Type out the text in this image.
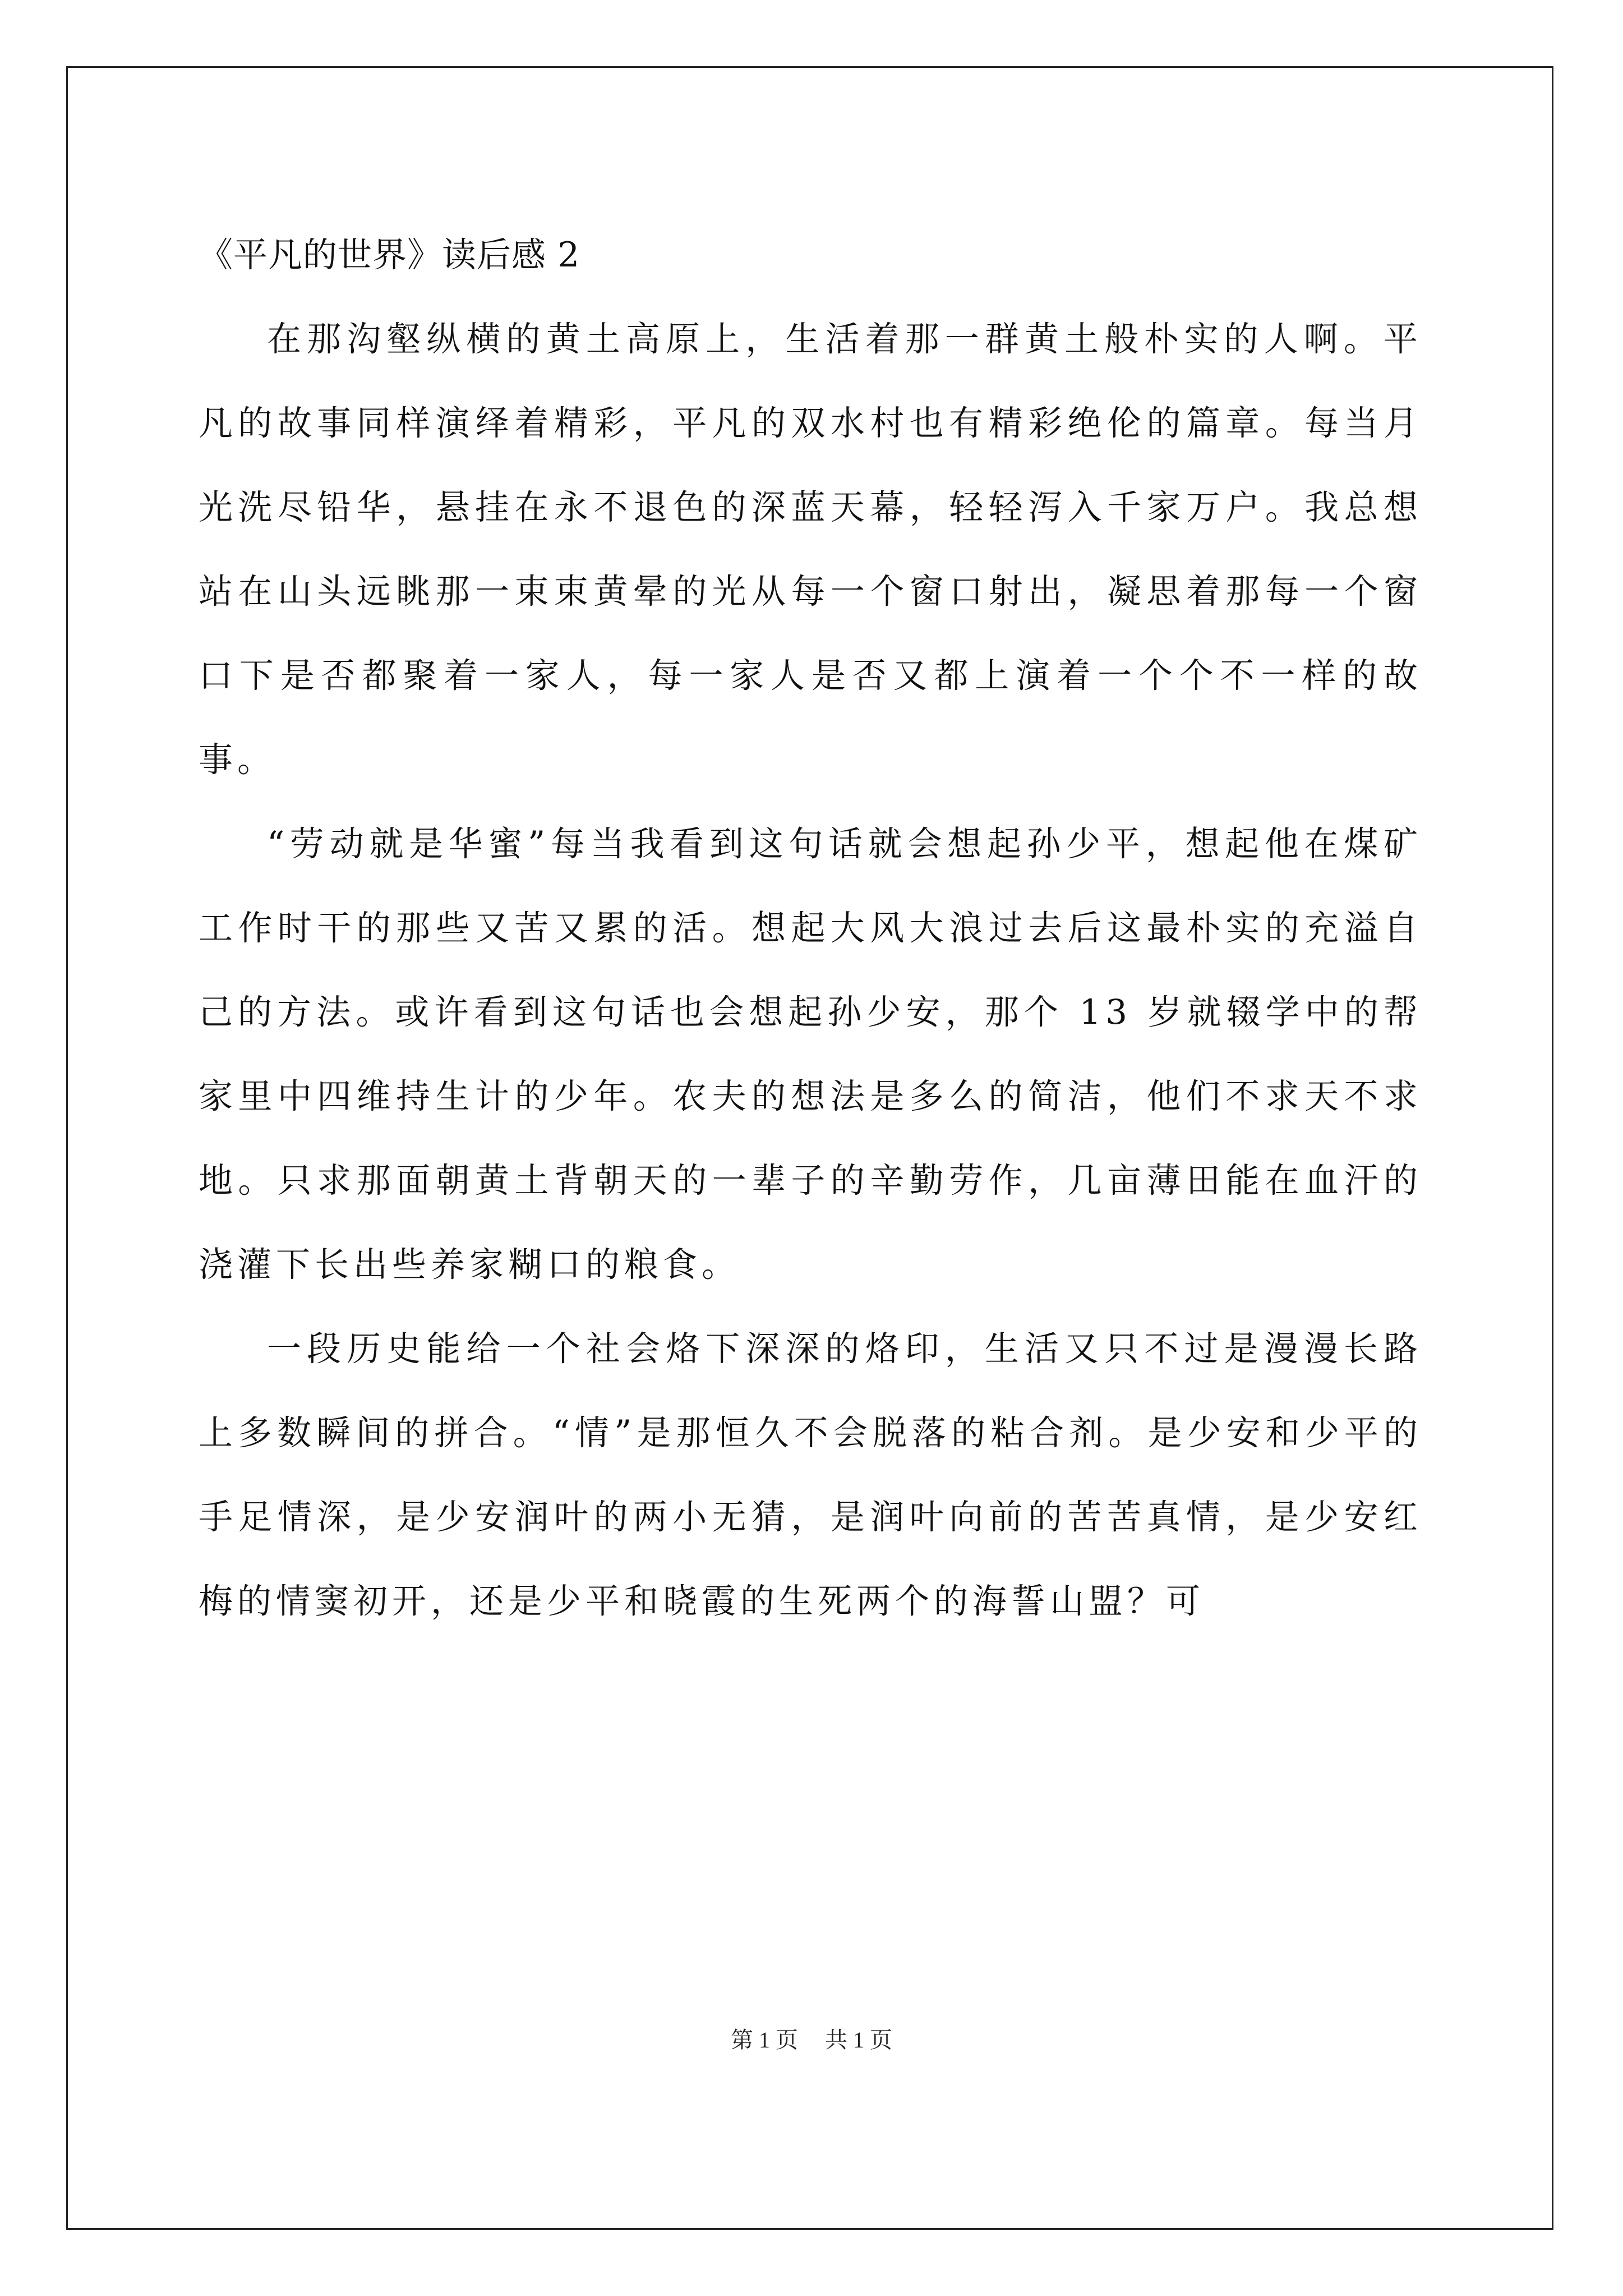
《平凡的世界》读后感 2

在那沟壑纵横的黄土高原上，生活着那一群黄土般朴实的人啊。平凡的故事同样演绎着精彩，平凡的双水村也有精彩绝伦的篇章。每当月光洗尽铅华，悬挂在永不退色的深蓝天幕，轻轻泻入千家万户。我总想站在山头远眺那一束束黄晕的光从每一个窗口射出，凝思着那每一个窗口下是否都聚着一家人，每一家人是否又都上演着一个个不一样的故事。

“劳动就是华蜜”每当我看到这句话就会想起孙少平，想起他在煤矿工作时干的那些又苦又累的活。想起大风大浪过去后这最朴实的充溢自己的方法。或许看到这句话也会想起孙少安，那个 13 岁就辍学中的帮家里中四维持生计的少年。农夫的想法是多么的简洁，他们不求天不求地。只求那面朝黄土背朝天的一辈子的辛勤劳作，几亩薄田能在血汗的浇灌下长出些养家糊口的粮食。

一段历史能给一个社会烙下深深的烙印，生活又只不过是漫漫长路上多数瞬间的拼合。“情”是那恒久不会脱落的粘合剂。是少安和少平的手足情深，是少安润叶的两小无猜，是润叶向前的苦苦真情，是少安红梅的情窦初开，还是少平和晓霞的生死两个的海誓山盟？可

第 1 页 共 1 页
